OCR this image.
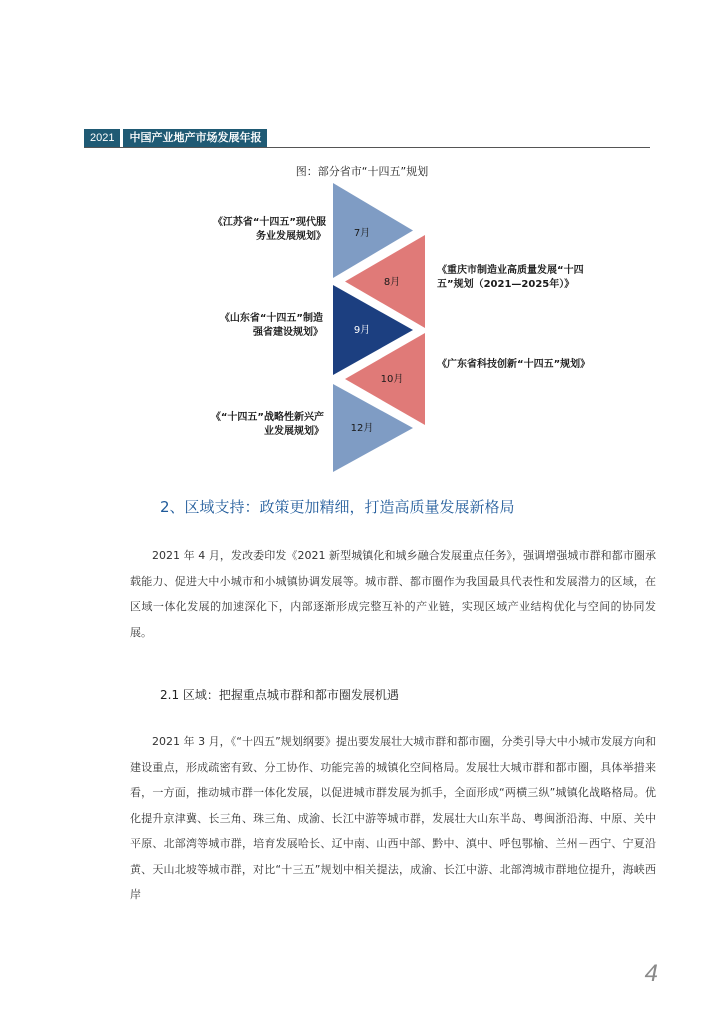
2021	中国产业地产市场发展年报
图：部分省市“十四五”规划
7月
8月
9月
10月
12月
《江苏省“十四五”现代服务业发展规划》
《重庆市制造业高质量发展“十四五”规划（2021—2025年）》
《山东省“十四五”制造强省建设规划》
《广东省科技创新“十四五”规划》
《“十四五”战略性新兴产业发展规划》
2、区域支持：政策更加精细，打造高质量发展新格局

2021 年 4 月，发改委印发《2021 新型城镇化和城乡融合发展重点任务》，强调增强城市群和都市圈承载能力、促进大中小城市和小城镇协调发展等。城市群、都市圈作为我国最具代表性和发展潜力的区域，在区域一体化发展的加速深化下，内部逐渐形成完整互补的产业链，实现区域产业结构优化与空间的协同发展。

2.1 区域：把握重点城市群和都市圈发展机遇

2021 年 3 月，《“十四五”规划纲要》提出要发展壮大城市群和都市圈，分类引导大中小城市发展方向和建设重点，形成疏密有致、分工协作、功能完善的城镇化空间格局。发展壮大城市群和都市圈，具体举措来看，一方面，推动城市群一体化发展，以促进城市群发展为抓手，全面形成“两横三纵”城镇化战略格局。优化提升京津冀、长三角、珠三角、成渝、长江中游等城市群，发展壮大山东半岛、粤闽浙沿海、中原、关中平原、北部湾等城市群，培育发展哈长、辽中南、山西中部、黔中、滇中、呼包鄂榆、兰州－西宁、宁夏沿黄、天山北坡等城市群，对比“十三五”规划中相关提法，成渝、长江中游、北部湾城市群地位提升，海峡西岸

4
